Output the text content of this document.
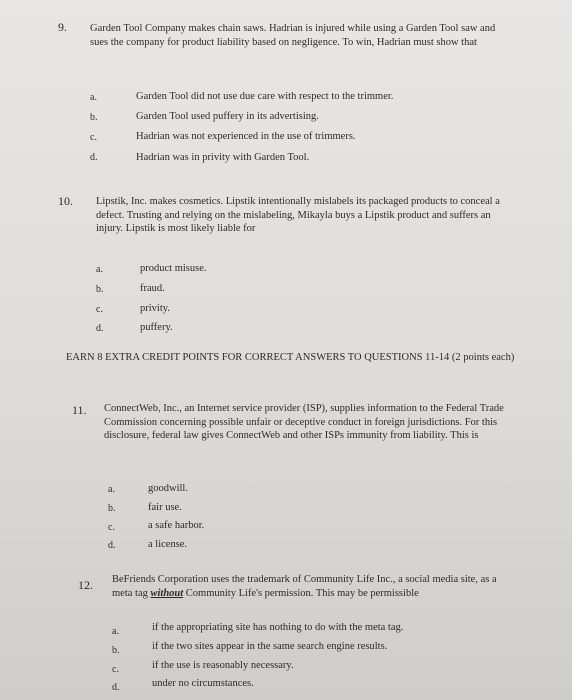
9. Garden Tool Company makes chain saws. Hadrian is injured while using a Garden Tool saw and sues the company for product liability based on negligence. To win, Hadrian must show that
a.	Garden Tool did not use due care with respect to the trimmer.
b.	Garden Tool used puffery in its advertising.
c.	Hadrian was not experienced in the use of trimmers.
d.	Hadrian was in privity with Garden Tool.
10. Lipstik, Inc. makes cosmetics. Lipstik intentionally mislabels its packaged products to conceal a defect. Trusting and relying on the mislabeling, Mikayla buys a Lipstik product and suffers an injury. Lipstik is most likely liable for
a.	product misuse.
b.	fraud.
c.	privity.
d.	puffery.
EARN 8 EXTRA CREDIT POINTS FOR CORRECT ANSWERS TO QUESTIONS 11-14 (2 points each)
11. ConnectWeb, Inc., an Internet service provider (ISP), supplies information to the Federal Trade Commission concerning possible unfair or deceptive conduct in foreign jurisdictions. For this disclosure, federal law gives ConnectWeb and other ISPs immunity from liability. This is
a.	goodwill.
b.	fair use.
c.	a safe harbor.
d.	a license.
12. BeFriends Corporation uses the trademark of Community Life Inc., a social media site, as a meta tag without Community Life's permission. This may be permissible
a.	if the appropriating site has nothing to do with the meta tag.
b.	if the two sites appear in the same search engine results.
c.	if the use is reasonably necessary.
d.	under no circumstances.
